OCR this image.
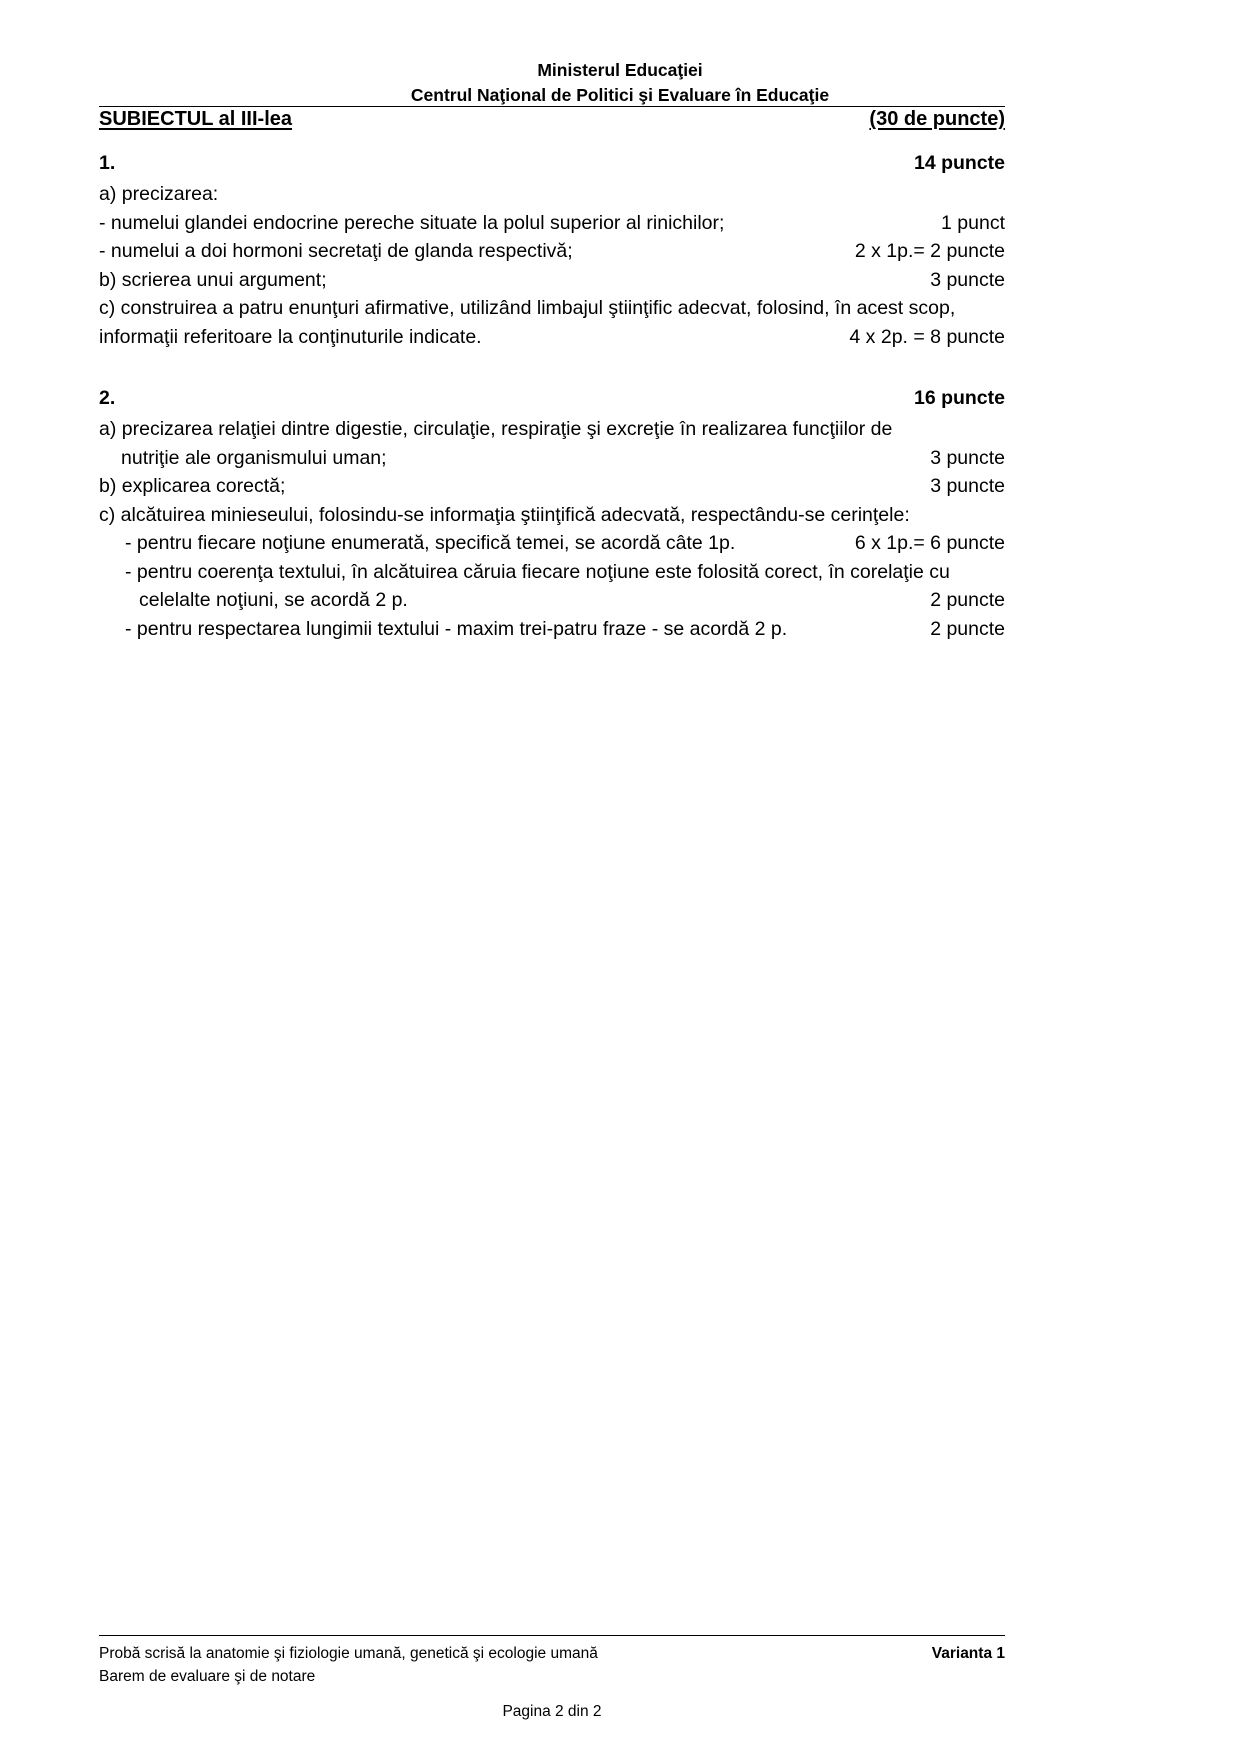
Ministerul Educaţiei
Centrul Naţional de Politici şi Evaluare în Educaţie
SUBIECTUL al III-lea	(30 de puncte)
1.	14 puncte
a) precizarea:
- numelui glandei endocrine pereche situate la polul superior al rinichilor;	1 punct
- numelui a doi hormoni secretaţi de glanda respectivă;	2 x 1p.= 2 puncte
b) scrierea unui argument;	3 puncte
c) construirea a patru enunţuri afirmative, utilizând limbajul ştiinţific adecvat, folosind, în acest scop,
informaţii referitoare la conţinuturile indicate.	4 x 2p. = 8 puncte
2.	16 puncte
a) precizarea relaţiei dintre digestie, circulaţie, respiraţie şi excreţie în realizarea funcţiilor de
nutriţie ale organismului uman;	3 puncte
b) explicarea corectă;	3 puncte
c) alcătuirea minieseului, folosindu-se informaţia ştiinţifică adecvată, respectându-se cerinţele:
- pentru fiecare noţiune enumerată, specifică temei, se acordă câte 1p.	6 x 1p.= 6 puncte
- pentru coerenţa textului, în alcătuirea căruia fiecare noţiune este folosită corect, în corelaţie cu
celelalte noţiuni, se acordă 2 p.	2 puncte
- pentru respectarea lungimii textului - maxim trei-patru fraze - se acordă 2 p.	2 puncte
Probă scrisă la anatomie şi fiziologie umană, genetică şi ecologie umană	Varianta 1
Barem de evaluare şi de notare
Pagina 2 din 2
